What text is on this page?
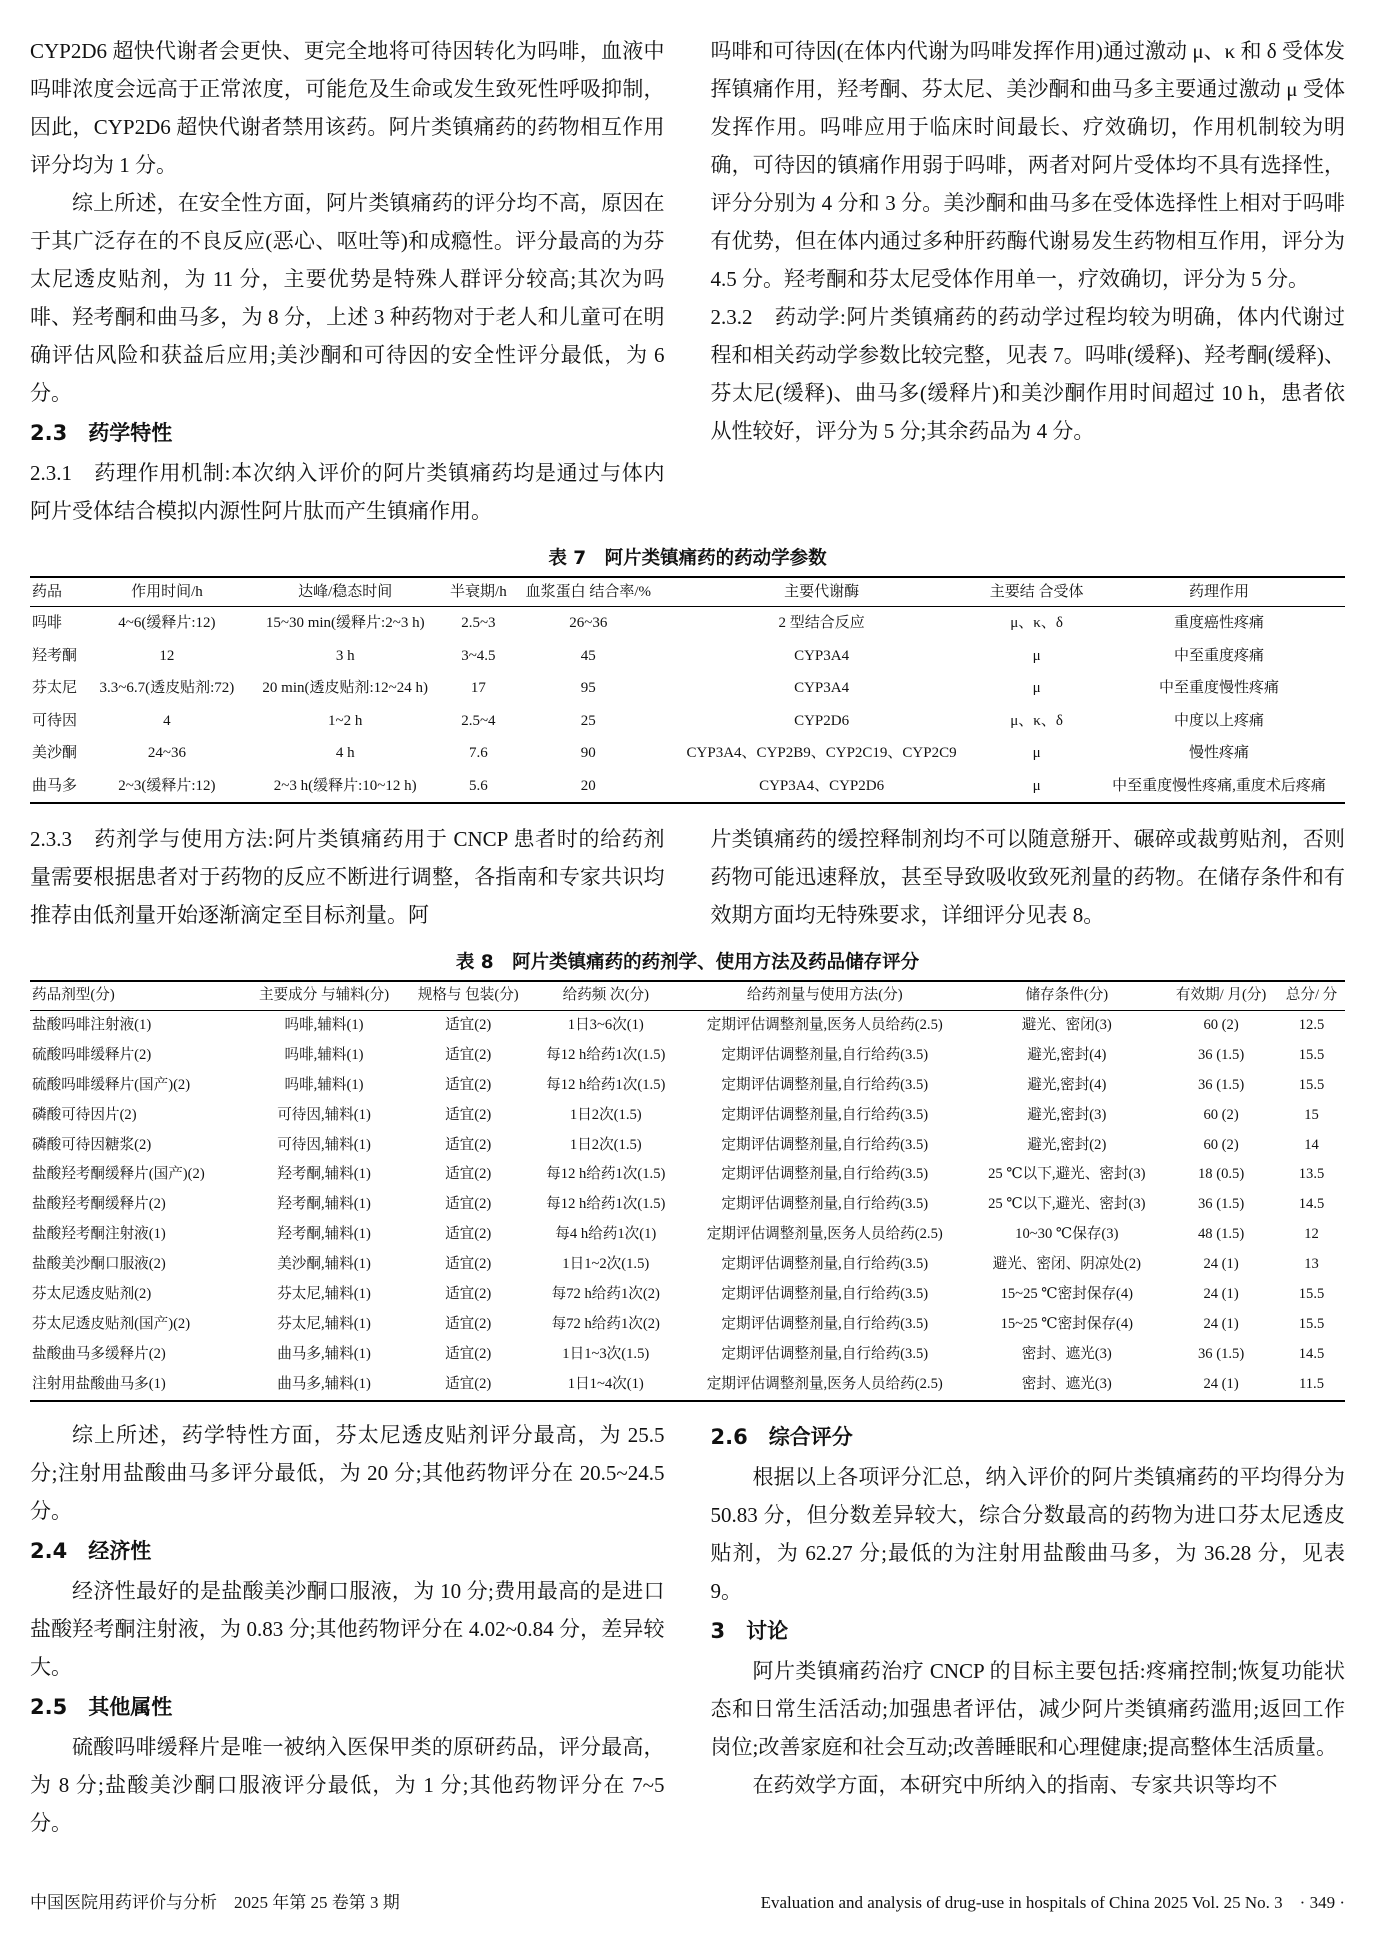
CYP2D6 超快代谢者会更快、更完全地将可待因转化为吗啡，血液中吗啡浓度会远高于正常浓度，可能危及生命或发生致死性呼吸抑制，因此，CYP2D6 超快代谢者禁用该药。阿片类镇痛药的药物相互作用评分均为 1 分。

综上所述，在安全性方面，阿片类镇痛药的评分均不高，原因在于其广泛存在的不良反应(恶心、呕吐等)和成瘾性。评分最高的为芬太尼透皮贴剂，为 11 分，主要优势是特殊人群评分较高;其次为吗啡、羟考酮和曲马多，为 8 分，上述 3 种药物对于老人和儿童可在明确评估风险和获益后应用;美沙酮和可待因的安全性评分最低，为 6 分。

2.3　药学特性

2.3.1　药理作用机制:本次纳入评价的阿片类镇痛药均是通过与体内阿片受体结合模拟内源性阿片肽而产生镇痛作用。

吗啡和可待因(在体内代谢为吗啡发挥作用)通过激动 μ、κ 和 δ 受体发挥镇痛作用，羟考酮、芬太尼、美沙酮和曲马多主要通过激动 μ 受体发挥作用。吗啡应用于临床时间最长、疗效确切，作用机制较为明确，可待因的镇痛作用弱于吗啡，两者对阿片受体均不具有选择性，评分分别为 4 分和 3 分。美沙酮和曲马多在受体选择性上相对于吗啡有优势，但在体内通过多种肝药酶代谢易发生药物相互作用，评分为 4.5 分。羟考酮和芬太尼受体作用单一，疗效确切，评分为 5 分。

2.3.2　药动学:阿片类镇痛药的药动学过程均较为明确，体内代谢过程和相关药动学参数比较完整，见表 7。吗啡(缓释)、羟考酮(缓释)、芬太尼(缓释)、曲马多(缓释片)和美沙酮作用时间超过 10 h，患者依从性较好，评分为 5 分;其余药品为 4 分。

表 7　阿片类镇痛药的药动学参数
药品	作用时间/h	达峰/稳态时间	半衰期/h	血浆蛋白 结合率/%	主要代谢酶	主要结 合受体	药理作用
吗啡	4~6(缓释片:12)	15~30 min(缓释片:2~3 h)	2.5~3	26~36	2 型结合反应	μ、κ、δ	重度癌性疼痛
羟考酮	12	3 h	3~4.5	45	CYP3A4	μ	中至重度疼痛
芬太尼	3.3~6.7(透皮贴剂:72)	20 min(透皮贴剂:12~24 h)	17	95	CYP3A4	μ	中至重度慢性疼痛
可待因	4	1~2 h	2.5~4	25	CYP2D6	μ、κ、δ	中度以上疼痛
美沙酮	24~36	4 h	7.6	90	CYP3A4、CYP2B9、CYP2C19、CYP2C9	μ	慢性疼痛
曲马多	2~3(缓释片:12)	2~3 h(缓释片:10~12 h)	5.6	20	CYP3A4、CYP2D6	μ	中至重度慢性疼痛,重度术后疼痛

2.3.3　药剂学与使用方法:阿片类镇痛药用于 CNCP 患者时的给药剂量需要根据患者对于药物的反应不断进行调整，各指南和专家共识均推荐由低剂量开始逐渐滴定至目标剂量。阿

片类镇痛药的缓控释制剂均不可以随意掰开、碾碎或裁剪贴剂，否则药物可能迅速释放，甚至导致吸收致死剂量的药物。在储存条件和有效期方面均无特殊要求，详细评分见表 8。

表 8　阿片类镇痛药的药剂学、使用方法及药品储存评分
药品剂型(分)	主要成分 与辅料(分)	规格与 包装(分)	给药频 次(分)	给药剂量与使用方法(分)	储存条件(分)	有效期/ 月(分)	总分/ 分
盐酸吗啡注射液(1)	吗啡,辅料(1)	适宜(2)	1日3~6次(1)	定期评估调整剂量,医务人员给药(2.5)	避光、密闭(3)	60 (2)	12.5
硫酸吗啡缓释片(2)	吗啡,辅料(1)	适宜(2)	每12 h给药1次(1.5)	定期评估调整剂量,自行给药(3.5)	避光,密封(4)	36 (1.5)	15.5
硫酸吗啡缓释片(国产)(2)	吗啡,辅料(1)	适宜(2)	每12 h给药1次(1.5)	定期评估调整剂量,自行给药(3.5)	避光,密封(4)	36 (1.5)	15.5
磷酸可待因片(2)	可待因,辅料(1)	适宜(2)	1日2次(1.5)	定期评估调整剂量,自行给药(3.5)	避光,密封(3)	60 (2)	15
磷酸可待因糖浆(2)	可待因,辅料(1)	适宜(2)	1日2次(1.5)	定期评估调整剂量,自行给药(3.5)	避光,密封(2)	60 (2)	14
盐酸羟考酮缓释片(国产)(2)	羟考酮,辅料(1)	适宜(2)	每12 h给药1次(1.5)	定期评估调整剂量,自行给药(3.5)	25 ℃以下,避光、密封(3)	18 (0.5)	13.5
盐酸羟考酮缓释片(2)	羟考酮,辅料(1)	适宜(2)	每12 h给药1次(1.5)	定期评估调整剂量,自行给药(3.5)	25 ℃以下,避光、密封(3)	36 (1.5)	14.5
盐酸羟考酮注射液(1)	羟考酮,辅料(1)	适宜(2)	每4 h给药1次(1)	定期评估调整剂量,医务人员给药(2.5)	10~30 ℃保存(3)	48 (1.5)	12
盐酸美沙酮口服液(2)	美沙酮,辅料(1)	适宜(2)	1日1~2次(1.5)	定期评估调整剂量,自行给药(3.5)	避光、密闭、阴凉处(2)	24 (1)	13
芬太尼透皮贴剂(2)	芬太尼,辅料(1)	适宜(2)	每72 h给药1次(2)	定期评估调整剂量,自行给药(3.5)	15~25 ℃密封保存(4)	24 (1)	15.5
芬太尼透皮贴剂(国产)(2)	芬太尼,辅料(1)	适宜(2)	每72 h给药1次(2)	定期评估调整剂量,自行给药(3.5)	15~25 ℃密封保存(4)	24 (1)	15.5
盐酸曲马多缓释片(2)	曲马多,辅料(1)	适宜(2)	1日1~3次(1.5)	定期评估调整剂量,自行给药(3.5)	密封、遮光(3)	36 (1.5)	14.5
注射用盐酸曲马多(1)	曲马多,辅料(1)	适宜(2)	1日1~4次(1)	定期评估调整剂量,医务人员给药(2.5)	密封、遮光(3)	24 (1)	11.5

综上所述，药学特性方面，芬太尼透皮贴剂评分最高，为 25.5 分;注射用盐酸曲马多评分最低，为 20 分;其他药物评分在 20.5~24.5 分。

2.4　经济性

经济性最好的是盐酸美沙酮口服液，为 10 分;费用最高的是进口盐酸羟考酮注射液，为 0.83 分;其他药物评分在 4.02~0.84 分，差异较大。

2.5　其他属性

硫酸吗啡缓释片是唯一被纳入医保甲类的原研药品，评分最高，为 8 分;盐酸美沙酮口服液评分最低，为 1 分;其他药物评分在 7~5 分。

2.6　综合评分

根据以上各项评分汇总，纳入评价的阿片类镇痛药的平均得分为 50.83 分，但分数差异较大，综合分数最高的药物为进口芬太尼透皮贴剂，为 62.27 分;最低的为注射用盐酸曲马多，为 36.28 分，见表 9。

3　讨论

阿片类镇痛药治疗 CNCP 的目标主要包括:疼痛控制;恢复功能状态和日常生活活动;加强患者评估，减少阿片类镇痛药滥用;返回工作岗位;改善家庭和社会互动;改善睡眠和心理健康;提高整体生活质量。

在药效学方面，本研究中所纳入的指南、专家共识等均不

中国医院用药评价与分析　2025 年第 25 卷第 3 期	Evaluation and analysis of drug-use in hospitals of China 2025 Vol. 25 No. 3　· 349 ·
